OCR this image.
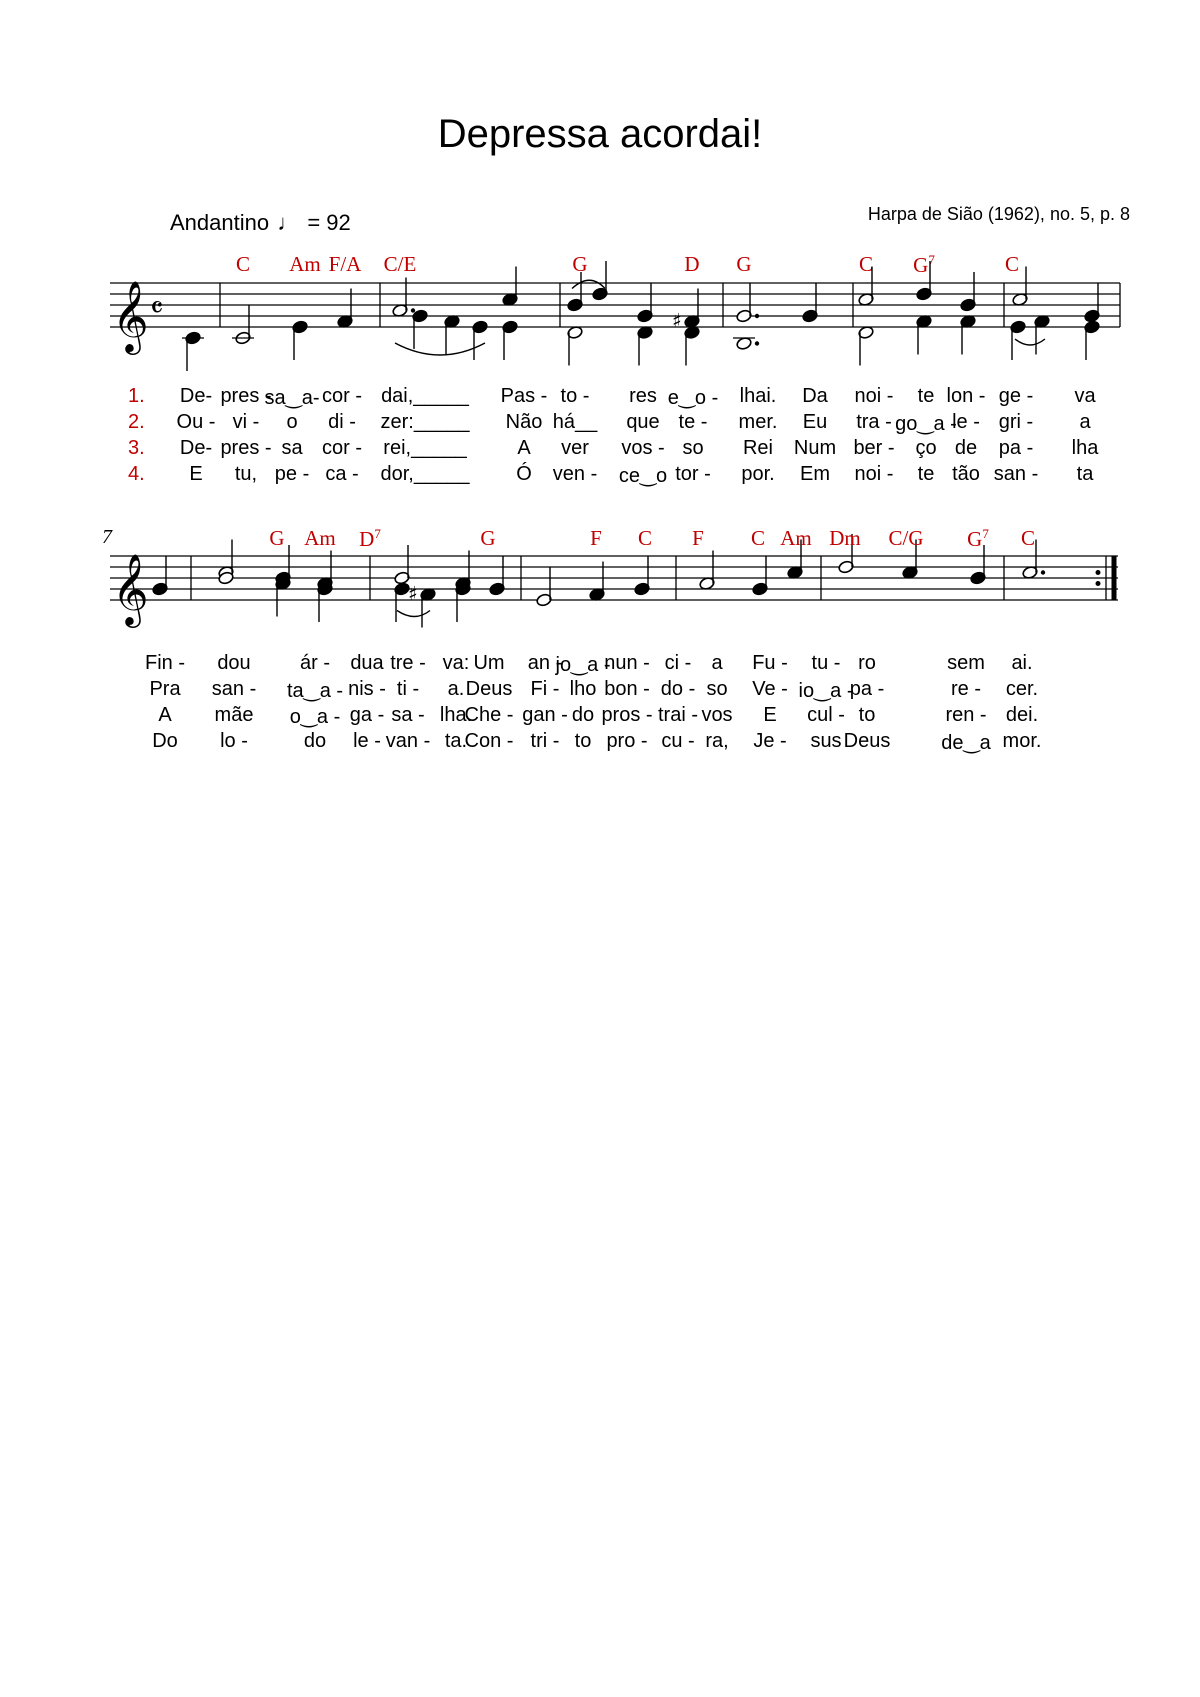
Depressa acordai!
Andantino ♩ = 92	Harpa de Sião (1962), no. 5, p. 8
C Am F/A C/E	G	D G	C $G^7$	C
𝄞
𝄞
𝄴	♯
♯
7
1. De- pres -
sa‿a- cor - dai,_____ Pas - to - res e‿o - lhai. Da noi - te lon - ge - va
2. Ou - vi - o di - zer:_____ Não há__ que te - mer. Eu tra - go‿a -
le - gri - a
3. De- pres - sa cor - rei,_____	A ver vos - so Rei Num ber - ço de pa - lha
4. E tu, pe - ca - dor,_____ Ó ven - ce‿o tor - por. Em noi - te tão san - ta
G Am $D^7$	G	F C F C Am Dm C/G $G^7$ C
Fin - dou ár - dua tre - va: Um an -
jo‿a -
nun - ci - a Fu - tu - ro	sem ai.
Pra san - ta‿a - nis - ti - a. Deus Fi - lho bon - do - so Ve - io‿a -
pa -	re - cer.
A mãe o‿a - ga - sa - lha.
Che - gan - do pros - trai - vos E cul - to	ren - dei.
Do lo -	do le - van - ta.
Con - tri - to pro - cu - ra, Je - sus Deus	de‿a mor.
